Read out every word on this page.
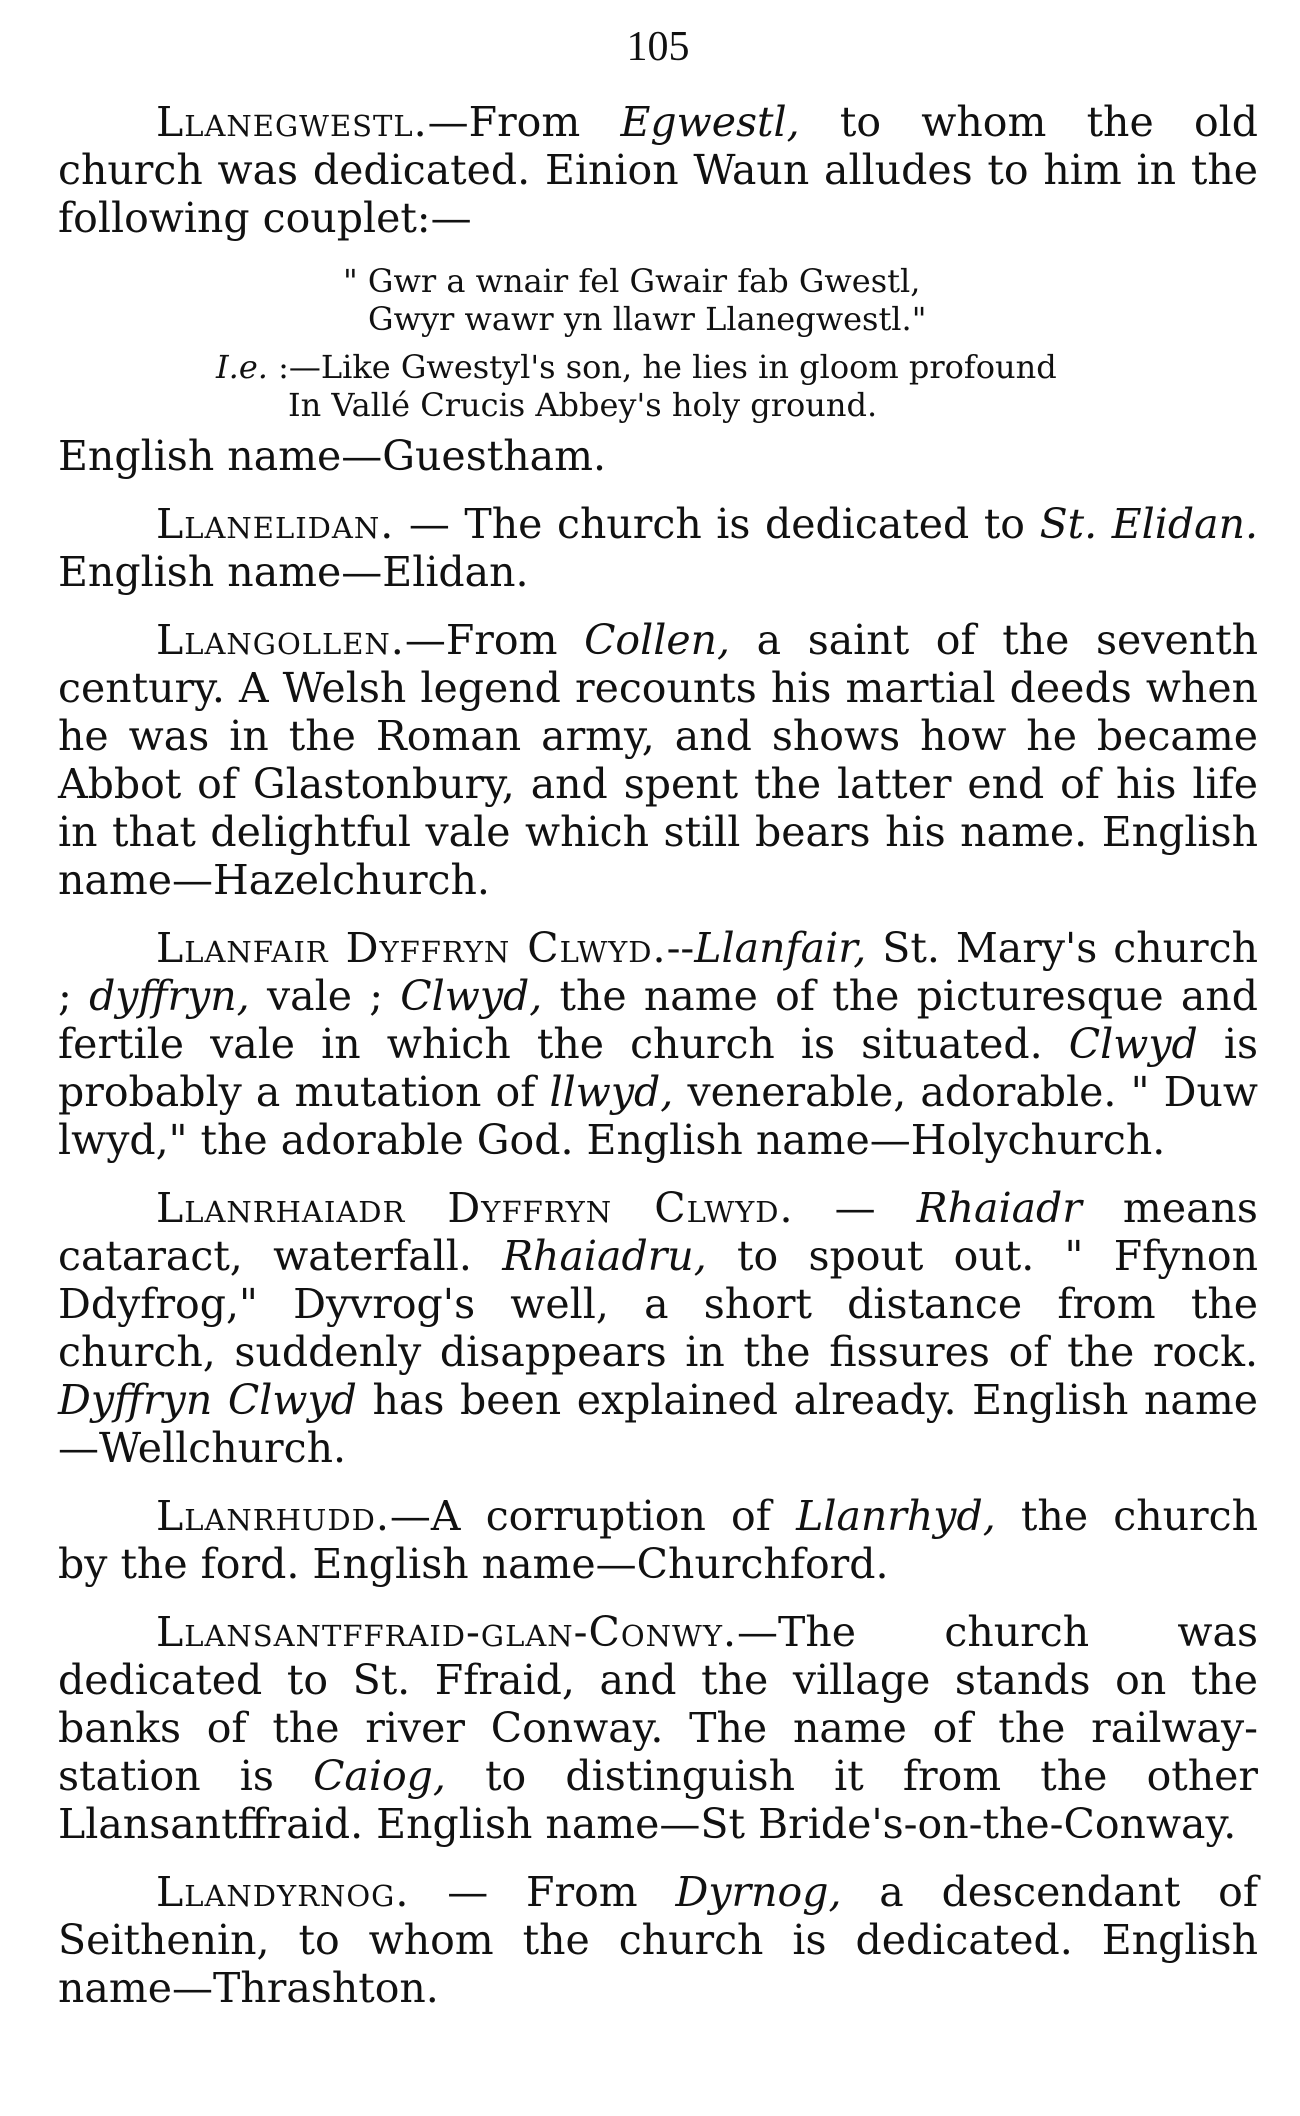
105

Llanegwestl.—From Egwestl, to whom the old church was dedicated. Einion Waun alludes to him in the following couplet:—

" Gwr a wnair fel Gwair fab Gwestl,
Gwyr wawr yn llawr Llanegwestl."
I.e. :—Like Gwestyl's son, he lies in gloom profound
In Vallé Crucis Abbey's holy ground.

English name—Guestham.

Llanelidan. — The church is dedicated to St. Elidan. English name—Elidan.

Llangollen.—From Collen, a saint of the seventh century. A Welsh legend recounts his martial deeds when he was in the Roman army, and shows how he became Abbot of Glastonbury, and spent the latter end of his life in that delightful vale which still bears his name. English name—Hazelchurch.

Llanfair Dyffryn Clwyd.--Llanfair, St. Mary's church ; dyffryn, vale ; Clwyd, the name of the picturesque and fertile vale in which the church is situated. Clwyd is probably a mutation of llwyd, venerable, adorable. " Duw lwyd," the adorable God. English name—Holychurch.

Llanrhaiadr Dyffryn Clwyd. — Rhaiadr means cataract, waterfall. Rhaiadru, to spout out. " Ffynon Ddyfrog," Dyvrog's well, a short distance from the church, suddenly disappears in the fissures of the rock. Dyffryn Clwyd has been explained already. English name—Wellchurch.

Llanrhudd.—A corruption of Llanrhyd, the church by the ford. English name—Churchford.

Llansantffraid-glan-Conwy.—The church was dedicated to St. Ffraid, and the village stands on the banks of the river Conway. The name of the railway-station is Caiog, to distinguish it from the other Llansantffraid. English name—St Bride's-on-the-Conway.

Llandyrnog. — From Dyrnog, a descendant of Seithenin, to whom the church is dedicated. English name—Thrashton.
